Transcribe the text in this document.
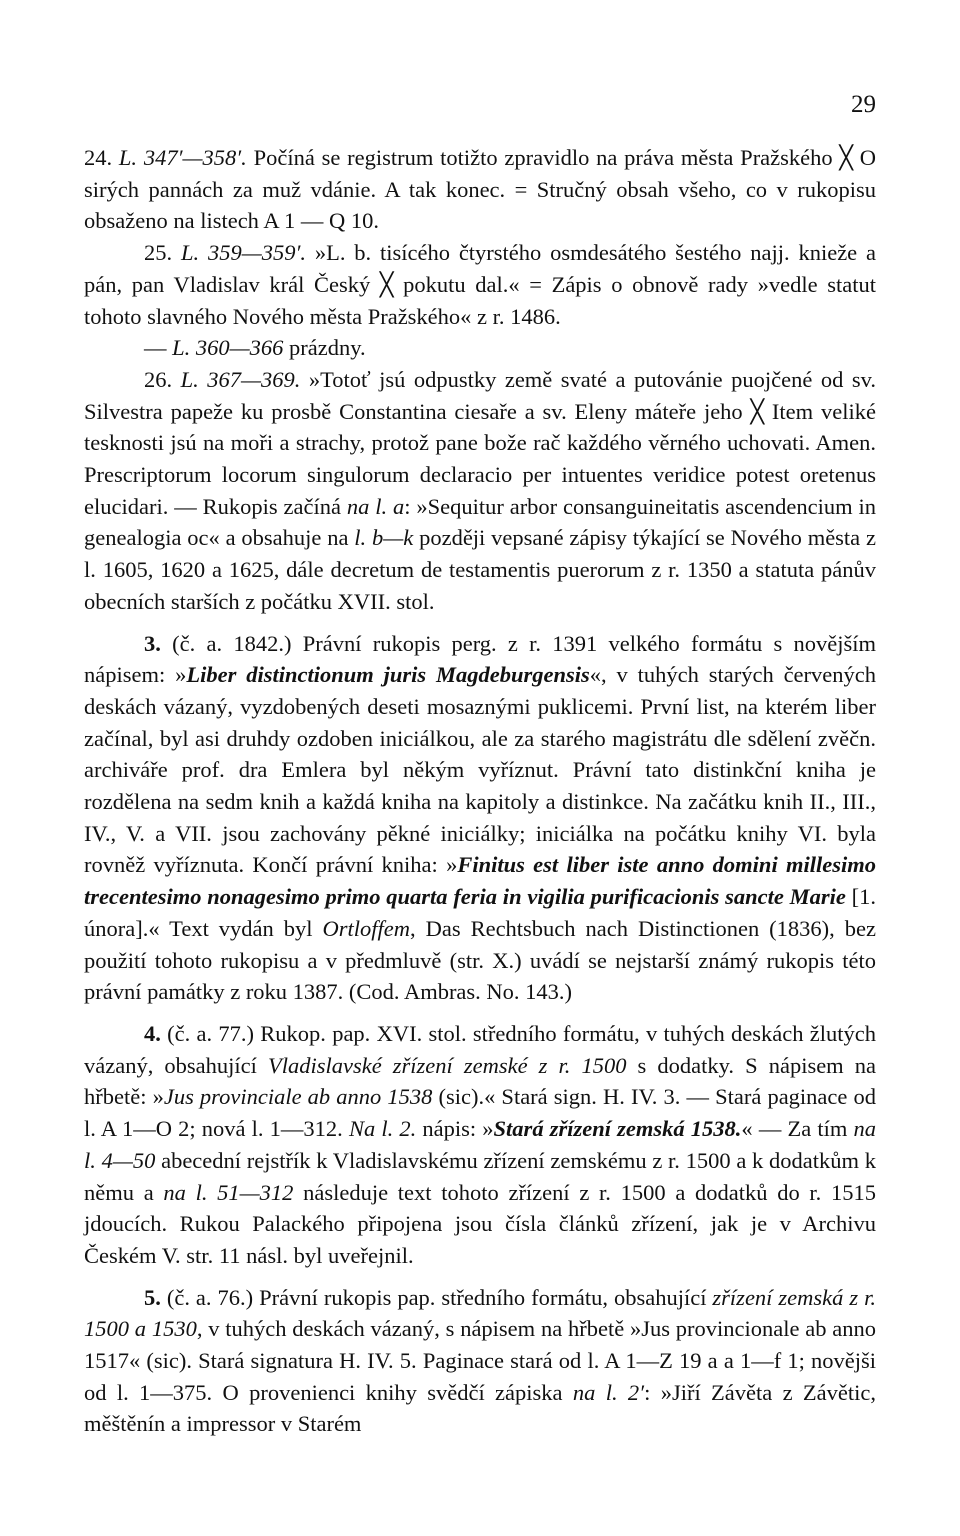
29

24. L. 347′—358′. Počíná se registrum totižto zpravidlo na práva města Pražského ╳ O sirých pannách za muž vdánie. A tak konec. = Stručný obsah všeho, co v rukopisu obsaženo na listech A 1 — Q 10.

25. L. 359—359′. »L. b. tisícého čtyrstého osmdesátého šestého najj. knieže a pán, pan Vladislav král Český ╳ pokutu dal.« = Zápis o obnově rady »vedle statut tohoto slavného Nového města Pražského« z r. 1486.

— L. 360—366 prázdny.

26. L. 367—369. »Totoť jsú odpustky země svaté a putovánie puojčené od sv. Silvestra papeže ku prosbě Constantina ciesaře a sv. Eleny máteře jeho ╳ Item veliké tesknosti jsú na moři a strachy, protož pane bože rač každého věrného uchovati. Amen. Prescriptorum locorum singulorum declaracio per intuentes veridice potest oretenus elucidari. — Rukopis začíná na l. a: »Sequitur arbor consanguineitatis ascendencium in genealogia oc« a obsahuje na l. b—k později vepsané zápisy týkající se Nového města z l. 1605, 1620 a 1625, dále decretum de testamentis puerorum z r. 1350 a statuta pánův obecních starších z počátku XVII. stol.

3. (č. a. 1842.) Právní rukopis perg. z r. 1391 velkého formátu s novějším nápisem: »Liber distinctionum juris Magdeburgensis«, v tuhých starých červených deskách vázaný, vyzdobených deseti mosaznými puklicemi. První list, na kterém liber začínal, byl asi druhdy ozdoben iniciálkou, ale za starého magistrátu dle sdělení zvěčn. archiváře prof. dra Emlera byl někým vyříznut. Právní tato distinkční kniha je rozdělena na sedm knih a každá kniha na kapitoly a distinkce. Na začátku knih II., III., IV., V. a VII. jsou zachovány pěkné iniciálky; iniciálka na počátku knihy VI. byla rovněž vyříznuta. Končí právní kniha: »Finitus est liber iste anno domini millesimo trecentesimo nonagesimo primo quarta feria in vigilia purificacionis sancte Marie [1. února].« Text vydán byl Ortloffem, Das Rechtsbuch nach Distinctionen (1836), bez použití tohoto rukopisu a v předmluvě (str. X.) uvádí se nejstarší známý rukopis této právní památky z roku 1387. (Cod. Ambras. No. 143.)

4. (č. a. 77.) Rukop. pap. XVI. stol. středního formátu, v tuhých deskách žlutých vázaný, obsahující Vladislavské zřízení zemské z r. 1500 s dodatky. S nápisem na hřbetě: »Jus provinciale ab anno 1538 (sic).« Stará sign. H. IV. 3. — Stará paginace od l. A 1—O 2; nová l. 1—312. Na l. 2. nápis: »Stará zřízení zemská 1538.« — Za tím na l. 4—50 abecední rejstřík k Vladislavskému zřízení zemskému z r. 1500 a k dodatkům k němu a na l. 51—312 následuje text tohoto zřízení z r. 1500 a dodatků do r. 1515 jdoucích. Rukou Palackého připojena jsou čísla článků zřízení, jak je v Archivu Českém V. str. 11 násl. byl uveřejnil.

5. (č. a. 76.) Právní rukopis pap. středního formátu, obsahující zřízení zemská z r. 1500 a 1530, v tuhých deskách vázaný, s nápisem na hřbetě »Jus provincionale ab anno 1517« (sic). Stará signatura H. IV. 5. Paginace stará od l. A 1—Z 19 a a 1—f 1; novějši od l. 1—375. O provenienci knihy svědčí zápiska na l. 2′: »Jiří Závěta z Závětic, měštěnín a impressor v Starém
